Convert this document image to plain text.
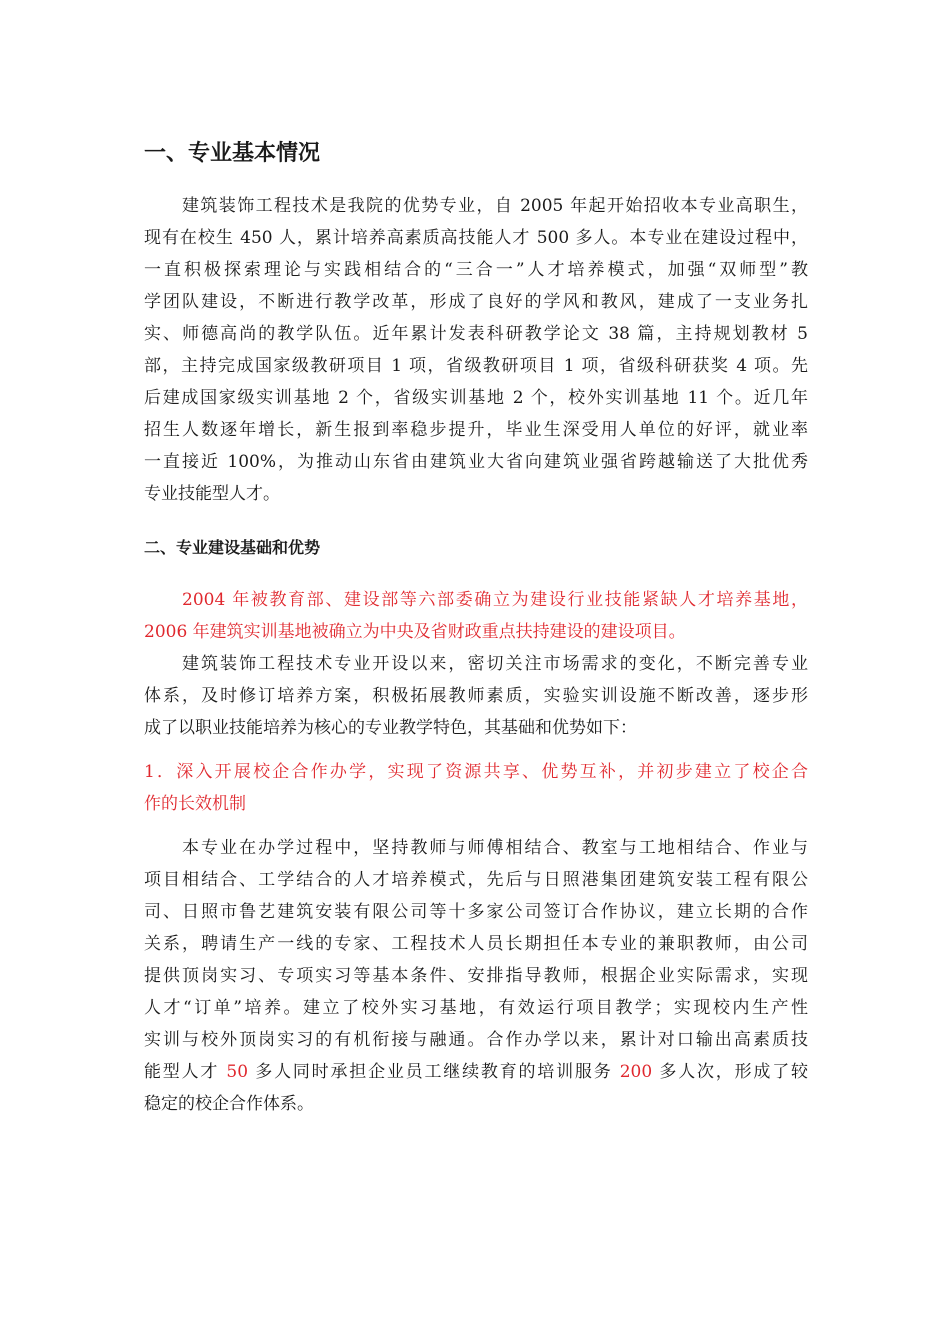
一、专业基本情况
建筑装饰工程技术是我院的优势专业，自 2005 年起开始招收本专业高职生，
现有在校生 450 人，累计培养高素质高技能人才 500 多人。本专业在建设过程中，
一直积极探索理论与实践相结合的“三合一”人才培养模式，加强“双师型”教
学团队建设，不断进行教学改革，形成了良好的学风和教风，建成了一支业务扎
实、师德高尚的教学队伍。近年累计发表科研教学论文 38 篇，主持规划教材 5
部，主持完成国家级教研项目 1 项，省级教研项目 1 项，省级科研获奖 4 项。先
后建成国家级实训基地 2 个，省级实训基地 2 个，校外实训基地 11 个。近几年
招生人数逐年增长，新生报到率稳步提升，毕业生深受用人单位的好评，就业率
一直接近 100%，为推动山东省由建筑业大省向建筑业强省跨越输送了大批优秀
专业技能型人才。
二、专业建设基础和优势
2004 年被教育部、建设部等六部委确立为建设行业技能紧缺人才培养基地，
2006 年建筑实训基地被确立为中央及省财政重点扶持建设的建设项目。
建筑装饰工程技术专业开设以来，密切关注市场需求的变化，不断完善专业
体系，及时修订培养方案，积极拓展教师素质，实验实训设施不断改善，逐步形
成了以职业技能培养为核心的专业教学特色，其基础和优势如下：
1．深入开展校企合作办学，实现了资源共享、优势互补，并初步建立了校企合
作的长效机制
本专业在办学过程中，坚持教师与师傅相结合、教室与工地相结合、作业与
项目相结合、工学结合的人才培养模式，先后与日照港集团建筑安装工程有限公
司、日照市鲁艺建筑安装有限公司等十多家公司签订合作协议，建立长期的合作
关系，聘请生产一线的专家、工程技术人员长期担任本专业的兼职教师，由公司
提供顶岗实习、专项实习等基本条件、安排指导教师，根据企业实际需求，实现
人才“订单”培养。建立了校外实习基地，有效运行项目教学；实现校内生产性
实训与校外顶岗实习的有机衔接与融通。合作办学以来，累计对口输出高素质技
能型人才 50 多人同时承担企业员工继续教育的培训服务 200 多人次，形成了较
稳定的校企合作体系。
